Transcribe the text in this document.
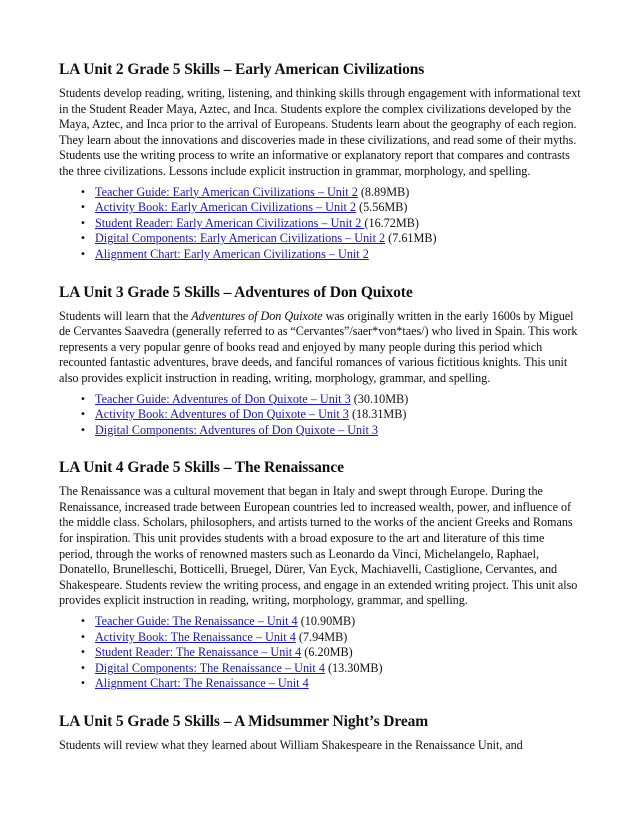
LA Unit 2 Grade 5 Skills – Early American Civilizations

Students develop reading, writing, listening, and thinking skills through engagement with informational text in the Student Reader Maya, Aztec, and Inca. Students explore the complex civilizations developed by the Maya, Aztec, and Inca prior to the arrival of Europeans. Students learn about the geography of each region. They learn about the innovations and discoveries made in these civilizations, and read some of their myths. Students use the writing process to write an informative or explanatory report that compares and contrasts the three civilizations. Lessons include explicit instruction in grammar, morphology, and spelling.

• Teacher Guide: Early American Civilizations – Unit 2 (8.89MB)
• Activity Book: Early American Civilizations – Unit 2 (5.56MB)
• Student Reader: Early American Civilizations – Unit 2 (16.72MB)
• Digital Components: Early American Civilizations – Unit 2 (7.61MB)
• Alignment Chart: Early American Civilizations – Unit 2
LA Unit 3 Grade 5 Skills – Adventures of Don Quixote

Students will learn that the Adventures of Don Quixote was originally written in the early 1600s by Miguel de Cervantes Saavedra (generally referred to as “Cervantes”/saer*von*taes/) who lived in Spain. This work represents a very popular genre of books read and enjoyed by many people during this period which recounted fantastic adventures, brave deeds, and fanciful romances of various fictitious knights. This unit also provides explicit instruction in reading, writing, morphology, grammar, and spelling.

• Teacher Guide: Adventures of Don Quixote – Unit 3 (30.10MB)
• Activity Book: Adventures of Don Quixote – Unit 3 (18.31MB)
• Digital Components: Adventures of Don Quixote – Unit 3
LA Unit 4 Grade 5 Skills – The Renaissance

The Renaissance was a cultural movement that began in Italy and swept through Europe. During the Renaissance, increased trade between European countries led to increased wealth, power, and influence of the middle class. Scholars, philosophers, and artists turned to the works of the ancient Greeks and Romans for inspiration. This unit provides students with a broad exposure to the art and literature of this time period, through the works of renowned masters such as Leonardo da Vinci, Michelangelo, Raphael, Donatello, Brunelleschi, Botticelli, Bruegel, Dürer, Van Eyck, Machiavelli, Castiglione, Cervantes, and Shakespeare. Students review the writing process, and engage in an extended writing project. This unit also provides explicit instruction in reading, writing, morphology, grammar, and spelling.

• Teacher Guide: The Renaissance – Unit 4 (10.90MB)
• Activity Book: The Renaissance – Unit 4 (7.94MB)
• Student Reader: The Renaissance – Unit 4 (6.20MB)
• Digital Components: The Renaissance – Unit 4 (13.30MB)
• Alignment Chart: The Renaissance – Unit 4
LA Unit 5 Grade 5 Skills – A Midsummer Night’s Dream

Students will review what they learned about William Shakespeare in the Renaissance Unit, and
